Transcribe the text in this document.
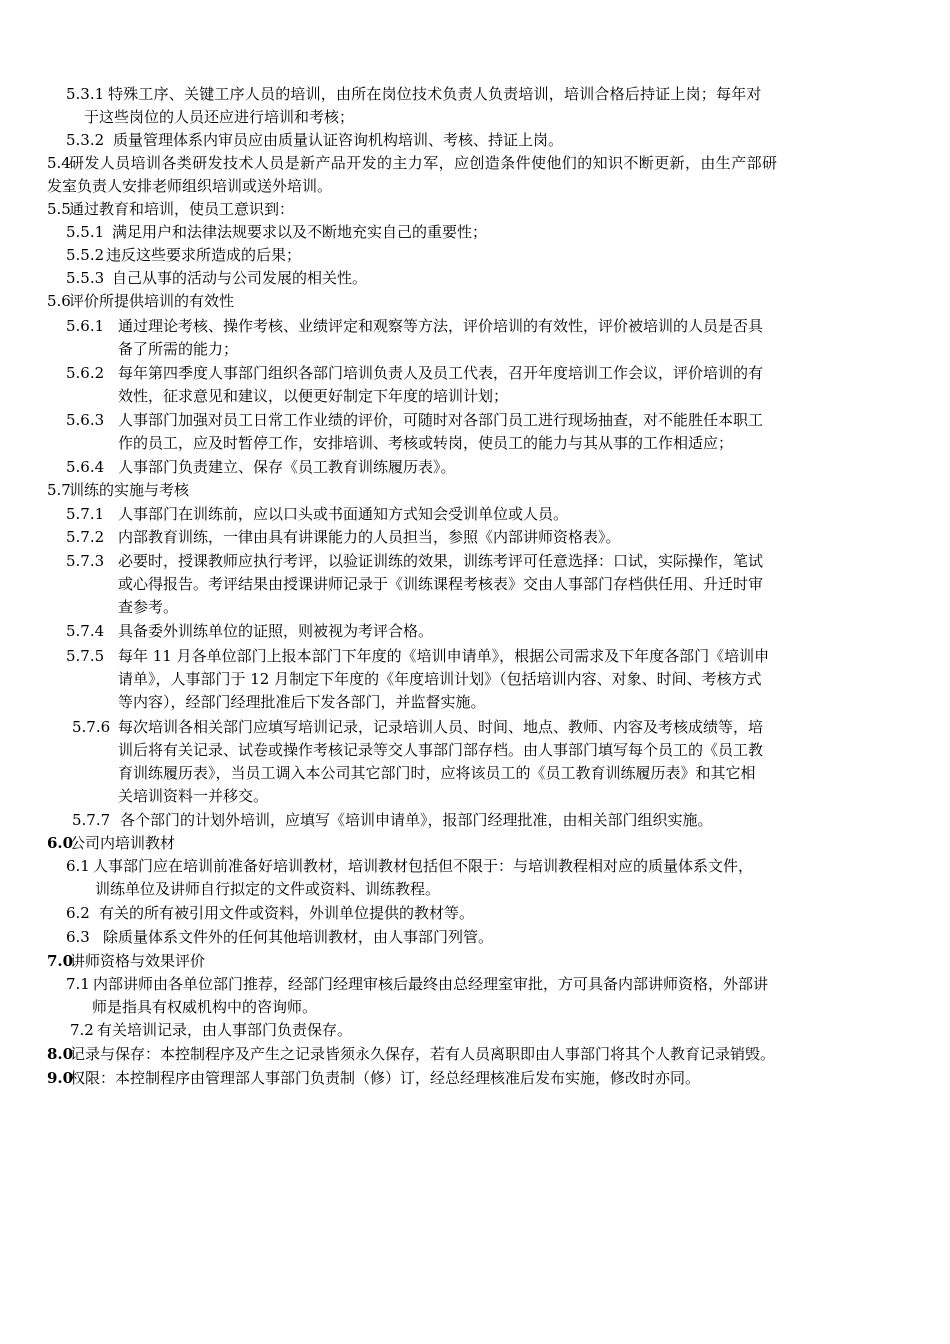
5.3.1 特殊工序、关键工序人员的培训，由所在岗位技术负责人负责培训，培训合格后持证上岗；每年对
于这些岗位的人员还应进行培训和考核；
5.3.2 质量管理体系内审员应由质量认证咨询机构培训、考核、持证上岗。
5.4研发人员培训各类研发技术人员是新产品开发的主力军，应创造条件使他们的知识不断更新，由生产部研
发室负责人安排老师组织培训或送外培训。
5.5通过教育和培训，使员工意识到：
5.5.1 满足用户和法律法规要求以及不断地充实自己的重要性；
5.5.2 违反这些要求所造成的后果；
5.5.3 自己从事的活动与公司发展的相关性。
5.6评价所提供培训的有效性
5.6.1 通过理论考核、操作考核、业绩评定和观察等方法，评价培训的有效性，评价被培训的人员是否具
备了所需的能力；
5.6.2 每年第四季度人事部门组织各部门培训负责人及员工代表，召开年度培训工作会议，评价培训的有
效性，征求意见和建议，以便更好制定下年度的培训计划；
5.6.3 人事部门加强对员工日常工作业绩的评价，可随时对各部门员工进行现场抽查，对不能胜任本职工
作的员工，应及时暂停工作，安排培训、考核或转岗，使员工的能力与其从事的工作相适应；
5.6.4 人事部门负责建立、保存《员工教育训练履历表》。
5.7训练的实施与考核
5.7.1 人事部门在训练前，应以口头或书面通知方式知会受训单位或人员。
5.7.2 内部教育训练，一律由具有讲课能力的人员担当，参照《内部讲师资格表》。
5.7.3 必要时，授课教师应执行考评，以验证训练的效果，训练考评可任意选择：口试，实际操作，笔试
或心得报告。考评结果由授课讲师记录于《训练课程考核表》交由人事部门存档供任用、升迁时审
查参考。
5.7.4 具备委外训练单位的证照，则被视为考评合格。
5.7.5 每年 11 月各单位部门上报本部门下年度的《培训申请单》，根据公司需求及下年度各部门《培训申
请单》，人事部门于 12 月制定下年度的《年度培训计划》（包括培训内容、对象、时间、考核方式
等内容），经部门经理批准后下发各部门，并监督实施。
5.7.6 每次培训各相关部门应填写培训记录，记录培训人员、时间、地点、教师、内容及考核成绩等，培
训后将有关记录、试卷或操作考核记录等交人事部门部存档。由人事部门填写每个员工的《员工教
育训练履历表》，当员工调入本公司其它部门时，应将该员工的《员工教育训练履历表》和其它相
关培训资料一并移交。
5.7.7 各个部门的计划外培训，应填写《培训申请单》，报部门经理批准，由相关部门组织实施。
6.0公司内培训教材
6.1 人事部门应在培训前准备好培训教材，培训教材包括但不限于：与培训教程相对应的质量体系文件，
训练单位及讲师自行拟定的文件或资料、训练教程。
6.2 有关的所有被引用文件或资料，外训单位提供的教材等。
6.3 除质量体系文件外的任何其他培训教材，由人事部门列管。
7.0讲师资格与效果评价
7.1 内部讲师由各单位部门推荐，经部门经理审核后最终由总经理室审批，方可具备内部讲师资格，外部讲
师是指具有权威机构中的咨询师。
7.2 有关培训记录，由人事部门负责保存。
8.0记录与保存：本控制程序及产生之记录皆须永久保存，若有人员离职即由人事部门将其个人教育记录销毁。
9.0权限：本控制程序由管理部人事部门负责制（修）订，经总经理核准后发布实施，修改时亦同。
